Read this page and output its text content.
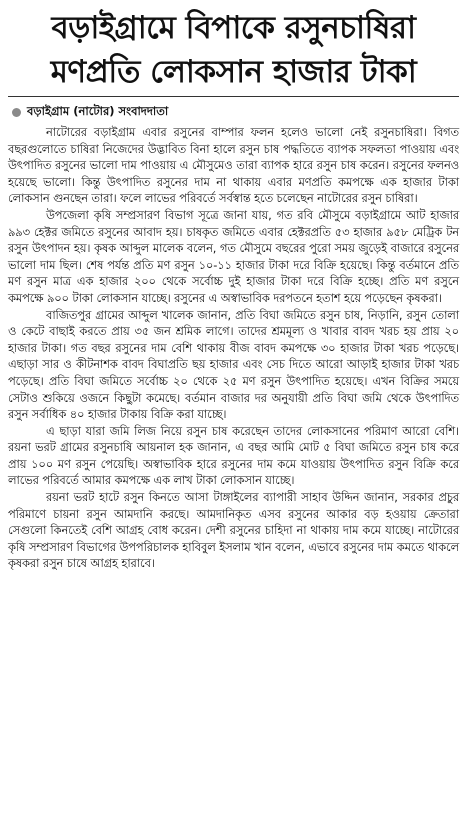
বড়াইগ্রামে বিপাকে রসুনচাষিরা
মণপ্রতি লোকসান হাজার টাকা
বড়াইগ্রাম (নাটোর) সংবাদদাতা

নাটোরের বড়াইগ্রাম এবার রসুনের বাম্পার ফলন হলেও ভালো নেই রসুনচাষিরা। বিগত বছরগুলোতে চাষিরা নিজেদের উদ্ভাবিত বিনা হালে রসুন চাষ পদ্ধতিতে ব্যাপক সফলতা পাওয়ায় এবং উৎপাদিত রসুনের ভালো দাম পাওয়ায় এ মৌসুমেও তারা ব্যাপক হারে রসুন চাষ করেন। রসুনের ফলনও হয়েছে ভালো। কিন্তু উৎপাদিত রসুনের দাম না থাকায় এবার মণপ্রতি কমপক্ষে এক হাজার টাকা লোকসান গুনছেন তারা। ফলে লাভের পরিবর্তে সর্বস্বান্ত হতে চলেছেন নাটোরের রসুন চাষিরা।

উপজেলা কৃষি সম্প্রসারণ বিভাগ সূত্রে জানা যায়, গত রবি মৌসুমে বড়াইগ্রামে আট হাজার ৯৯৩ হেক্টর জমিতে রসুনের আবাদ হয়। চাষকৃত জমিতে এবার হেক্টরপ্রতি ৫৩ হাজার ৯৫৮ মেট্রিক টন রসুন উৎপাদন হয়। কৃষক আব্দুল মালেক বলেন, গত মৌসুমে বছরের পুরো সময় জুড়েই বাজারে রসুনের ভালো দাম ছিল। শেষ পর্যন্ত প্রতি মণ রসুন ১০-১১ হাজার টাকা দরে বিক্রি হয়েছে। কিন্তু বর্তমানে প্রতি মণ রসুন মাত্র এক হাজার ২০০ থেকে সর্বোচ্চ দুই হাজার টাকা দরে বিক্রি হচ্ছে। প্রতি মণ রসুনে কমপক্ষে ৯০০ টাকা লোকসান যাচ্ছে। রসুনের এ অস্বাভাবিক দরপতনে হতাশ হয়ে পড়েছেন কৃষকরা।

বাজিতপুর গ্রামের আব্দুল খালেক জানান, প্রতি বিঘা জমিতে রসুন চাষ, নিড়ানি, রসুন তোলা ও কেটে বাছাই করতে প্রায় ৩৫ জন শ্রমিক লাগে। তাদের শ্রমমূল্য ও খাবার বাবদ খরচ হয় প্রায় ২০ হাজার টাকা। গত বছর রসুনের দাম বেশি থাকায় বীজ বাবদ কমপক্ষে ৩০ হাজার টাকা খরচ পড়েছে। এছাড়া সার ও কীটনাশক বাবদ বিঘাপ্রতি ছয় হাজার এবং সেচ দিতে আরো আড়াই হাজার টাকা খরচ পড়েছে। প্রতি বিঘা জমিতে সর্বোচ্চ ২০ থেকে ২৫ মণ রসুন উৎপাদিত হয়েছে। এখন বিক্রির সময়ে সেটাও শুকিয়ে ওজনে কিছুটা কমেছে। বর্তমান বাজার দর অনুযায়ী প্রতি বিঘা জমি থেকে উৎপাদিত রসুন সর্বাধিক ৪০ হাজার টাকায় বিক্রি করা যাচ্ছে।

এ ছাড়া যারা জমি লিজ নিয়ে রসুন চাষ করেছেন তাদের লোকসানের পরিমাণ আরো বেশি। রয়না ভরট গ্রামের রসুনচাষি আয়নাল হক জানান, এ বছর আমি মোট ৫ বিঘা জমিতে রসুন চাষ করে প্রায় ১০০ মণ রসুন পেয়েছি। অস্বাভাবিক হারে রসুনের দাম কমে যাওয়ায় উৎপাদিত রসুন বিক্রি করে লাভের পরিবর্তে আমার কমপক্ষে এক লাখ টাকা লোকসান যাচ্ছে।

রয়না ভরট হাটে রসুন কিনতে আসা টাঙ্গাইলের ব্যাপারী সাহাব উদ্দিন জানান, সরকার প্রচুর পরিমাণে চায়না রসুন আমদানি করছে। আমদানিকৃত এসব রসুনের আকার বড় হওয়ায় ক্রেতারা সেগুলো কিনতেই বেশি আগ্রহ বোধ করেন। দেশী রসুনের চাহিদা না থাকায় দাম কমে যাচ্ছে। নাটোরের কৃষি সম্প্রসারণ বিভাগের উপপরিচালক হাবিবুল ইসলাম খান বলেন, এভাবে রসুনের দাম কমতে থাকলে কৃষকরা রসুন চাষে আগ্রহ হারাবে।
